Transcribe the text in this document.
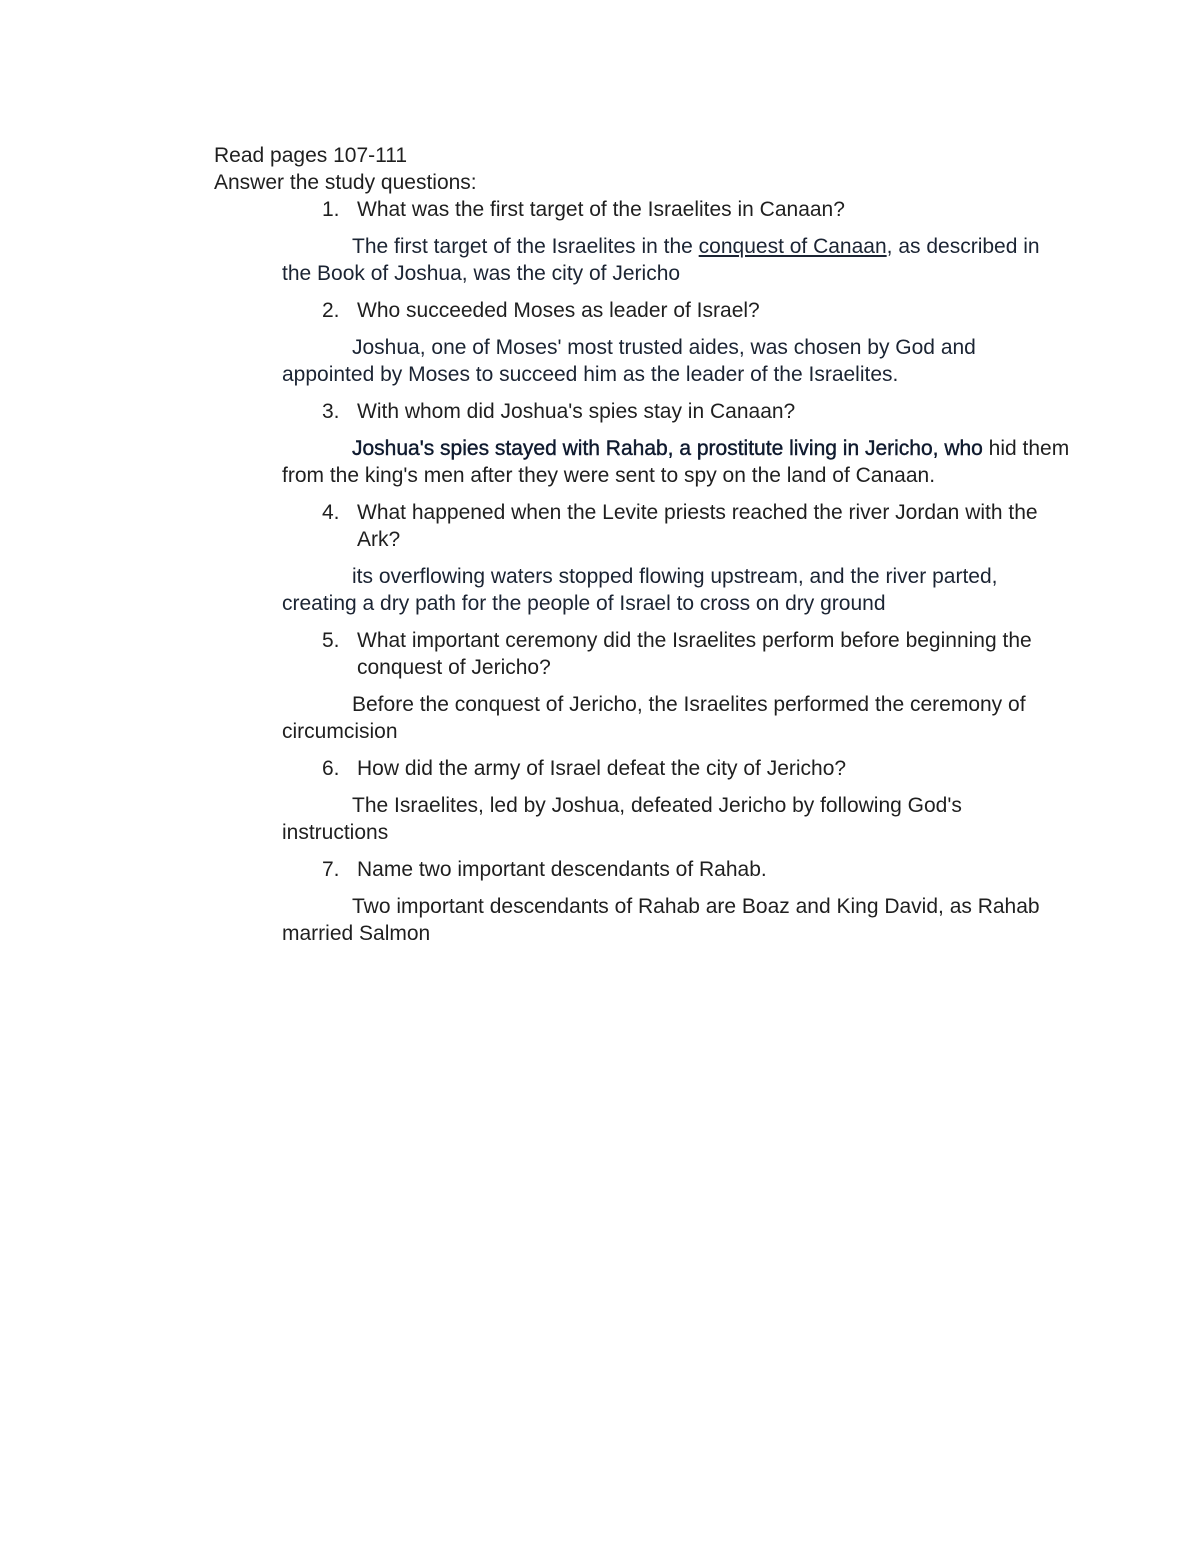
Read pages 107-111

Answer the study questions:

1. What was the first target of the Israelites in Canaan?

The first target of the Israelites in the conquest of Canaan, as described in the Book of Joshua, was the city of Jericho

2. Who succeeded Moses as leader of Israel?

Joshua, one of Moses' most trusted aides, was chosen by God and appointed by Moses to succeed him as the leader of the Israelites.

3. With whom did Joshua's spies stay in Canaan?

Joshua's spies stayed with Rahab, a prostitute living in Jericho, who hid them from the king's men after they were sent to spy on the land of Canaan.

4. What happened when the Levite priests reached the river Jordan with the Ark?

its overflowing waters stopped flowing upstream, and the river parted, creating a dry path for the people of Israel to cross on dry ground

5. What important ceremony did the Israelites perform before beginning the conquest of Jericho?

Before the conquest of Jericho, the Israelites performed the ceremony of circumcision

6. How did the army of Israel defeat the city of Jericho?

The Israelites, led by Joshua, defeated Jericho by following God's instructions

7. Name two important descendants of Rahab.

Two important descendants of Rahab are Boaz and King David, as Rahab married Salmon
